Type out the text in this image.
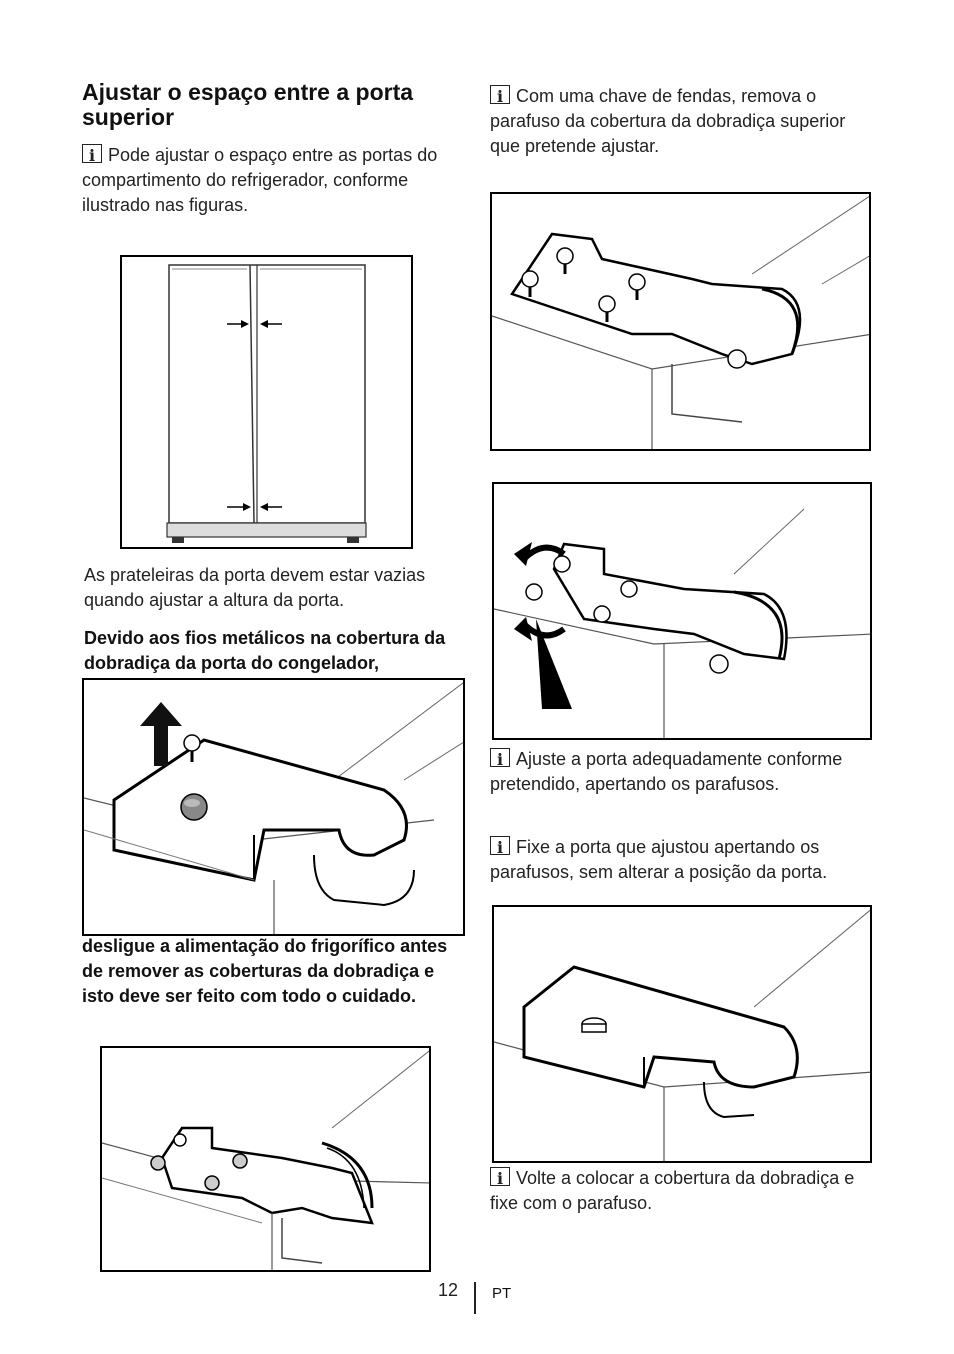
Ajustar o espaço entre a porta superior
iPode ajustar o espaço entre as portas do compartimento do refrigerador, conforme ilustrado nas figuras.
As prateleiras da porta devem estar vazias quando ajustar a altura da porta.
Devido aos fios metálicos na cobertura da dobradiça da porta do congelador,
desligue a alimentação do frigorífico antes de remover as coberturas da dobradiça e isto deve ser feito com todo o cuidado.
iCom uma chave de fendas, remova o parafuso da cobertura da dobradiça superior que pretende ajustar.
iAjuste a porta adequadamente conforme pretendido, apertando os parafusos.
iFixe a porta que ajustou apertando os parafusos, sem alterar a posição da porta.
iVolte a colocar a cobertura da dobradiça e fixe com o parafuso.
12 PT
